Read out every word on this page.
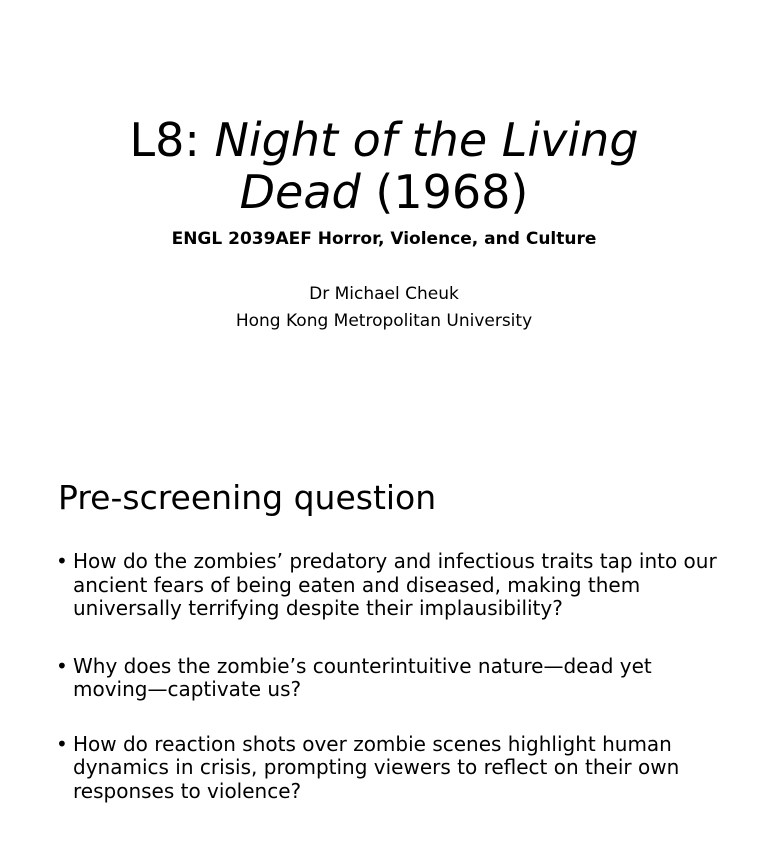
L8: Night of the Living
Dead (1968)
ENGL 2039AEF Horror, Violence, and Culture
Dr Michael Cheuk
Hong Kong Metropolitan University
Pre-screening question
• How do the zombies’ predatory and infectious traits tap into our ancient fears of being eaten and diseased, making them universally terrifying despite their implausibility?
• Why does the zombie’s counterintuitive nature—dead yet moving—captivate us?
• How do reaction shots over zombie scenes highlight human dynamics in crisis, prompting viewers to reflect on their own responses to violence?
